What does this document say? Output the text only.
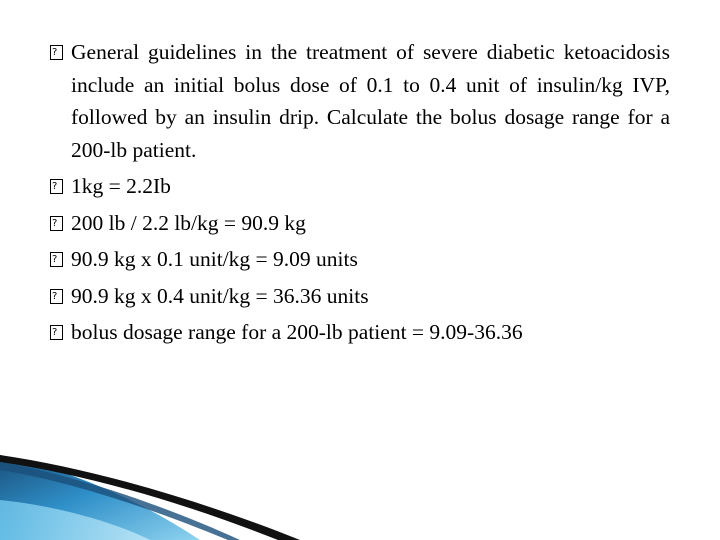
?
General guidelines in the treatment of severe diabetic ketoacidosis include an initial bolus dose of 0.1 to 0.4 unit of insulin/kg IVP, followed by an insulin drip. Calculate the bolus dosage range for a 200-lb patient.
?
1kg = 2.2Ib
?
200 lb / 2.2 lb/kg = 90.9 kg
?
90.9 kg x 0.1 unit/kg = 9.09 units
?
90.9 kg x 0.4 unit/kg = 36.36 units
?
bolus dosage range for a 200-lb patient = 9.09-36.36
